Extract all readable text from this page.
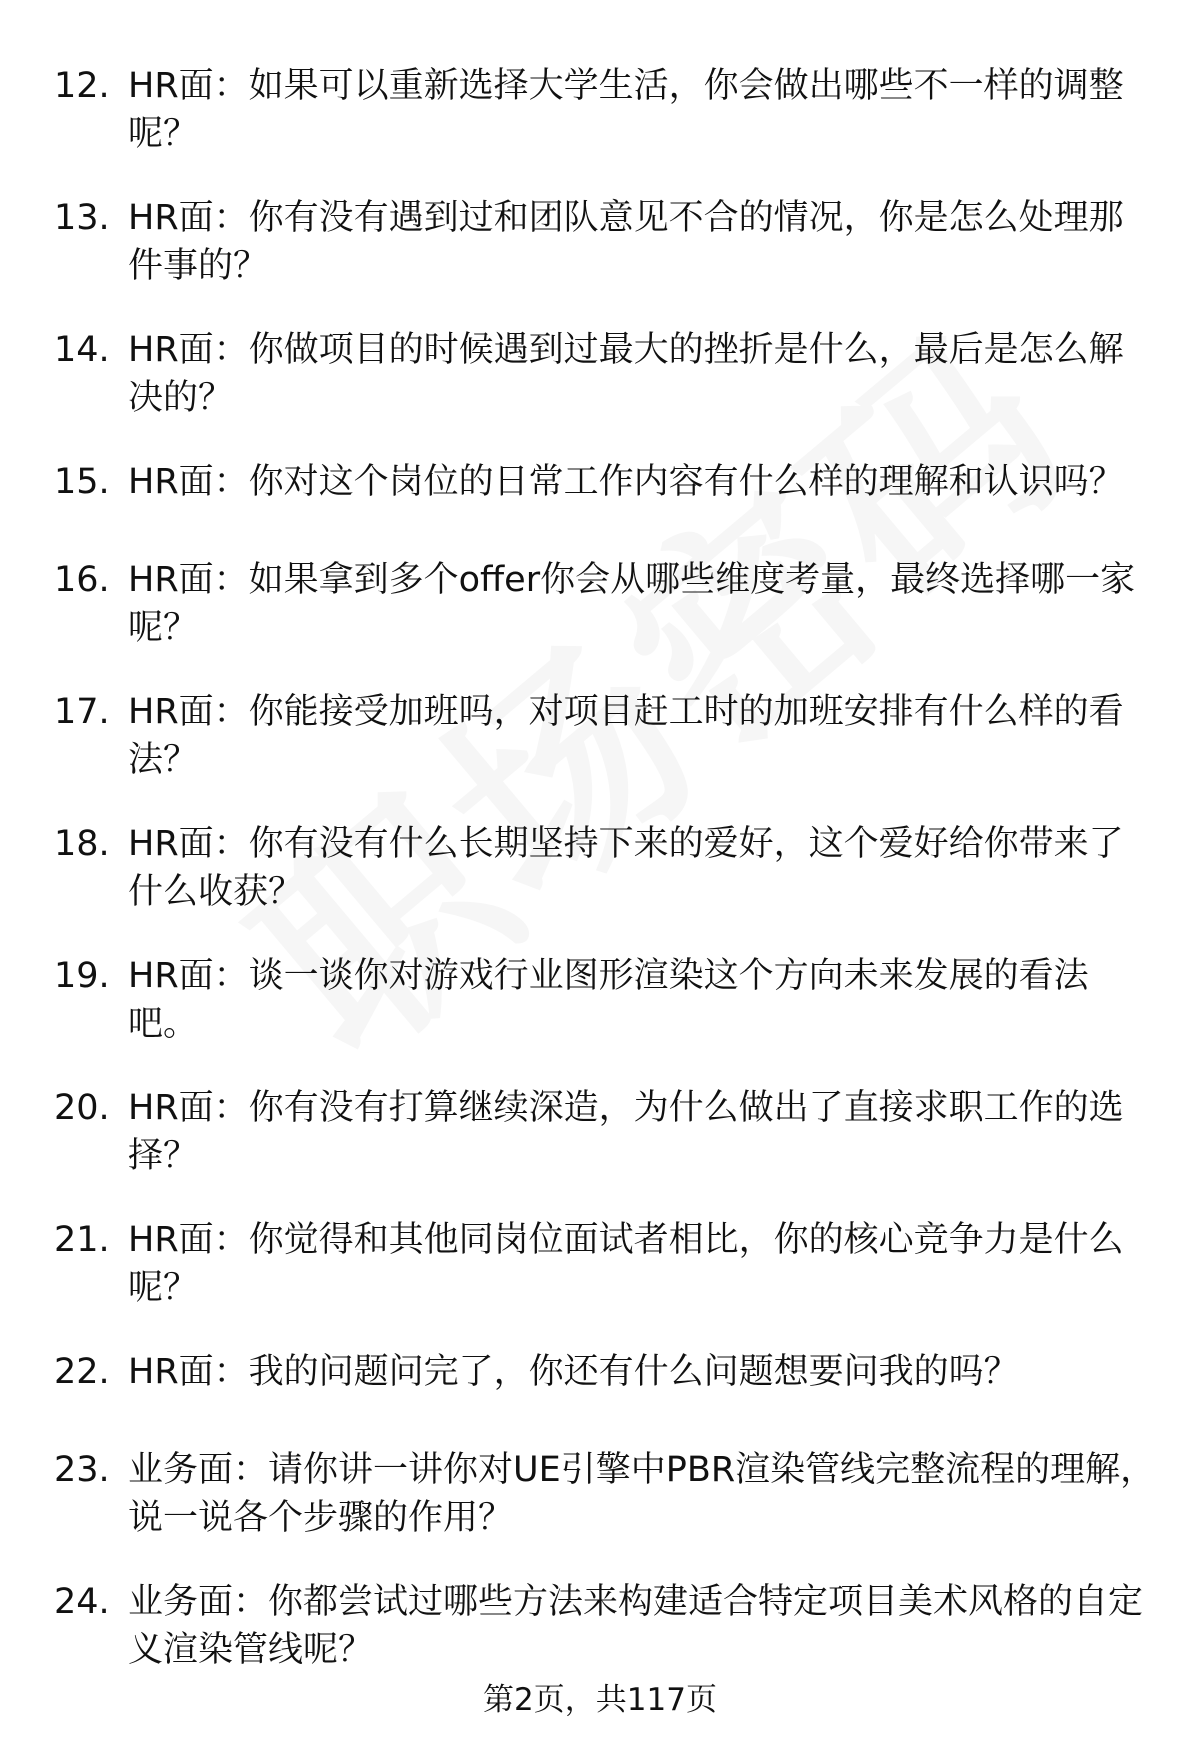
12. HR面：如果可以重新选择大学生活，你会做出哪些不一样的调整呢？
13. HR面：你有没有遇到过和团队意见不合的情况，你是怎么处理那件事的？
14. HR面：你做项目的时候遇到过最大的挫折是什么，最后是怎么解决的？
15. HR面：你对这个岗位的日常工作内容有什么样的理解和认识吗？
16. HR面：如果拿到多个offer你会从哪些维度考量，最终选择哪一家呢？
17. HR面：你能接受加班吗，对项目赶工时的加班安排有什么样的看法？
18. HR面：你有没有什么长期坚持下来的爱好，这个爱好给你带来了什么收获？
19. HR面：谈一谈你对游戏行业图形渲染这个方向未来发展的看法吧。
20. HR面：你有没有打算继续深造，为什么做出了直接求职工作的选择？
21. HR面：你觉得和其他同岗位面试者相比，你的核心竞争力是什么呢？
22. HR面：我的问题问完了，你还有什么问题想要问我的吗？
23. 业务面：请你讲一讲你对UE引擎中PBR渲染管线完整流程的理解，说一说各个步骤的作用？
24. 业务面：你都尝试过哪些方法来构建适合特定项目美术风格的自定义渲染管线呢？
第2页，共117页
